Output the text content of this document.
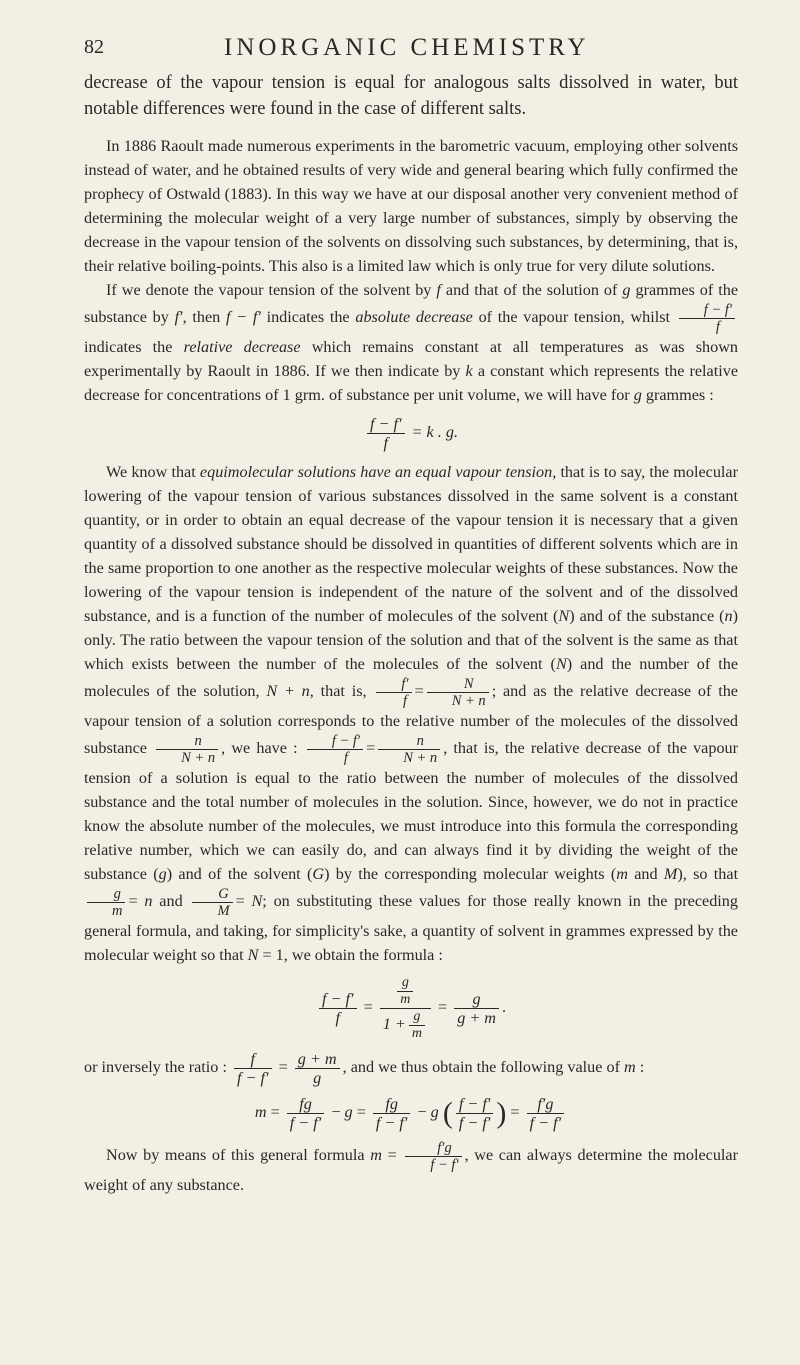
82	INORGANIC CHEMISTRY

decrease of the vapour tension is equal for analogous salts dissolved in water, but notable differences were found in the case of different salts.

In 1886 Raoult made numerous experiments in the barometric vacuum, employing other solvents instead of water, and he obtained results of very wide and general bearing which fully confirmed the prophecy of Ostwald (1883). In this way we have at our disposal another very convenient method of determining the molecular weight of a very large number of substances, simply by observing the decrease in the vapour tension of the solvents on dissolving such substances, by determining, that is, their relative boiling-points. This also is a limited law which is only true for very dilute solutions.

If we denote the vapour tension of the solvent by f and that of the solution of g grammes of the substance by f′, then f − f′ indicates the absolute decrease of the vapour tension, whilst $\frac{f - f'}{f}$
indicates the relative decrease which remains constant at all temperatures as was shown experimentally by Raoult in 1886. If we then indicate by k a constant which represents the relative decrease for concentrations of 1 grm. of substance per unit volume, we will have for g grammes :

$\frac{f - f'}{f} = k$ . g.

We know that equimolecular solutions have an equal vapour tension, that is to say, the molecular lowering of the vapour tension of various substances dissolved in the same solvent is a constant quantity, or in order to obtain an equal decrease of the vapour tension it is necessary that a given quantity of a dissolved substance should be dissolved in quantities of different solvents which are in the same proportion to one another as the respective molecular weights of these substances. Now the lowering of the vapour tension is independent of the nature of the solvent and of the dissolved substance, and is a function of the number of molecules of the solvent (N) and of the substance (n) only. The ratio between the vapour tension of the solution and that of the solvent is the same as that which exists between the number of the molecules of the solvent (N) and the number of the molecules of the solution, N + n, that is, $\frac{f'}{f} = \frac{N}{N + n}$ ; and as the relative decrease of the vapour tension of a solution corresponds to the relative number of the molecules of the dissolved substance $\frac{n}{N + n}$ , we have : $\frac{f - f'}{f} = \frac{n}{N + n}$ , that is, the relative decrease of the vapour tension of a solution is equal to the ratio between the number of molecules of the dissolved substance and the total number of molecules in the solution. Since, however, we do not in practice know the absolute number of the molecules, we must introduce into this formula the corresponding relative number, which we can easily do, and can always find it by dividing the weight of the substance (g) and of the solvent (G) by the corresponding molecular weights (m and M), so that
$\frac{g}{m} = n$ and $\frac{G}{M} = N$; on substituting these values for those really known in the preceding general formula, and taking, for simplicity's sake, a quantity of solvent in grammes expressed by the molecular weight so that N = 1, we obtain the formula :

$\frac{f - f'}{f} = \frac{\frac{g}{m}}{1 + \frac{g}{m}} = \frac{g}{g + m}$ .

or inversely the ratio : $\frac{f}{f - f'} = \frac{g + m}{g}$ , and we thus obtain the following value of m :

$m = \frac{fg}{f - f'} - g = \frac{fg}{f - f'} - g$ ( $\frac{f - f'}{f - f'}$ ) = $\frac{f'g}{f - f'}$

Now by means of this general formula $m = \frac{f'g}{f - f'}$ , we can always determine the molecular weight of any substance.
